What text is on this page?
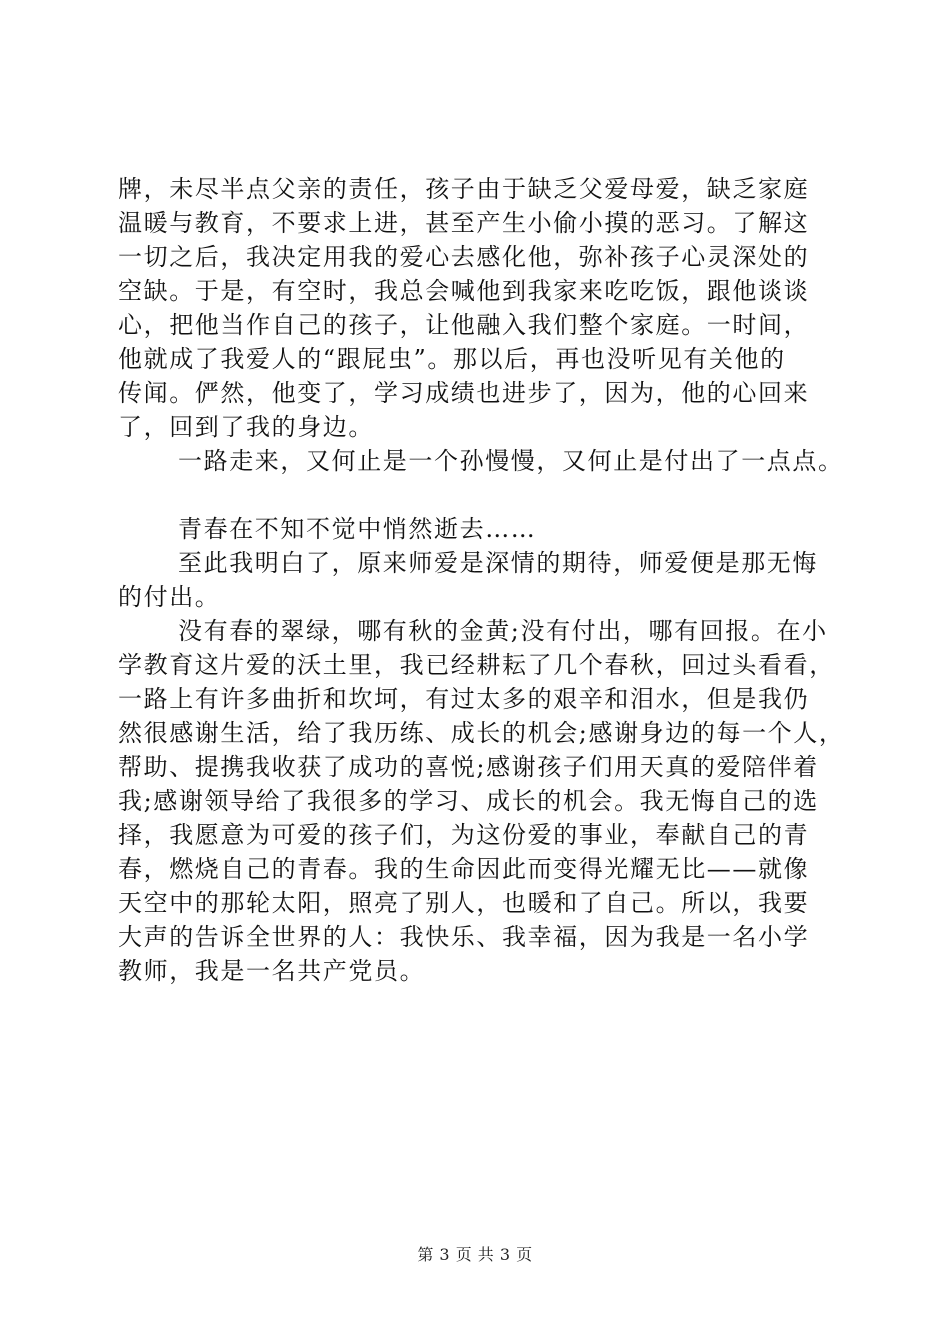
牌，未尽半点父亲的责任，孩子由于缺乏父爱母爱，缺乏家庭
温暖与教育，不要求上进，甚至产生小偷小摸的恶习。了解这
一切之后，我决定用我的爱心去感化他，弥补孩子心灵深处的
空缺。于是，有空时，我总会喊他到我家来吃吃饭，跟他谈谈
心，把他当作自己的孩子，让他融入我们整个家庭。一时间，
他就成了我爱人的“跟屁虫”。那以后，再也没听见有关他的
传闻。俨然，他变了，学习成绩也进步了，因为，他的心回来
了，回到了我的身边。
一路走来，又何止是一个孙慢慢，又何止是付出了一点点。
青春在不知不觉中悄然逝去……
至此我明白了，原来师爱是深情的期待，师爱便是那无悔
的付出。
没有春的翠绿，哪有秋的金黄;没有付出，哪有回报。在小
学教育这片爱的沃土里，我已经耕耘了几个春秋，回过头看看，
一路上有许多曲折和坎坷，有过太多的艰辛和泪水，但是我仍
然很感谢生活，给了我历练、成长的机会;感谢身边的每一个人，
帮助、提携我收获了成功的喜悦;感谢孩子们用天真的爱陪伴着
我;感谢领导给了我很多的学习、成长的机会。我无悔自己的选
择，我愿意为可爱的孩子们，为这份爱的事业，奉献自己的青
春，燃烧自己的青春。我的生命因此而变得光耀无比——就像
天空中的那轮太阳，照亮了别人，也暖和了自己。所以，我要
大声的告诉全世界的人：我快乐、我幸福，因为我是一名小学
教师，我是一名共产党员。
第 3 页 共 3 页
